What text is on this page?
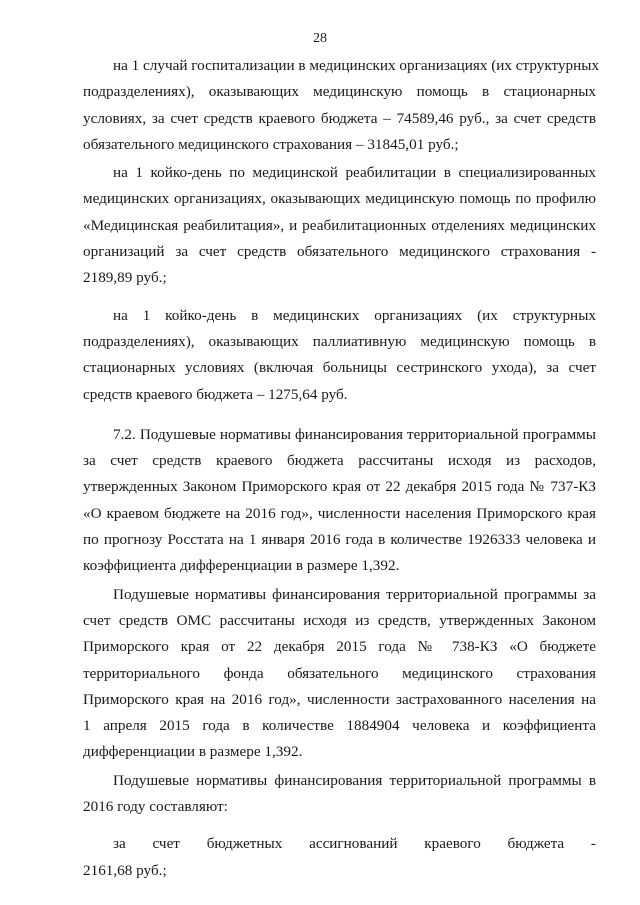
28
на 1 случай госпитализации в медицинских организациях (их структурных
подразделениях), оказывающих медицинскую помощь в стационарных
условиях, за счет средств краевого бюджета – 74589,46 руб., за счет средств
обязательного медицинского страхования – 31845,01 руб.;
на 1 койко-день по медицинской реабилитации в специализированных
медицинских организациях, оказывающих медицинскую помощь по профилю
«Медицинская реабилитация», и реабилитационных отделениях медицинских
организаций за счет средств обязательного медицинского страхования -
2189,89 руб.;
на 1 койко-день в медицинских организациях (их структурных
подразделениях), оказывающих паллиативную медицинскую помощь в
стационарных условиях (включая больницы сестринского ухода), за счет
средств краевого бюджета – 1275,64 руб.
7.2. Подушевые нормативы финансирования территориальной программы
за счет средств краевого бюджета рассчитаны исходя из расходов,
утвержденных Законом Приморского края от 22 декабря 2015 года № 737-КЗ
«О краевом бюджете на 2016 год», численности населения Приморского края
по прогнозу Росстата на 1 января 2016 года в количестве 1926333 человека и
коэффициента дифференциации в размере 1,392.
Подушевые нормативы финансирования территориальной программы за
счет средств ОМС рассчитаны исходя из средств, утвержденных Законом
Приморского края от 22 декабря 2015 года № 738-КЗ «О бюджете
территориального фонда обязательного медицинского страхования
Приморского края на 2016 год», численности застрахованного населения на
1 апреля 2015 года в количестве 1884904 человека и коэффициента
дифференциации в размере 1,392.
Подушевые нормативы финансирования территориальной программы в
2016 году составляют:
за счет бюджетных ассигнований краевого бюджета -
2161,68 руб.;
